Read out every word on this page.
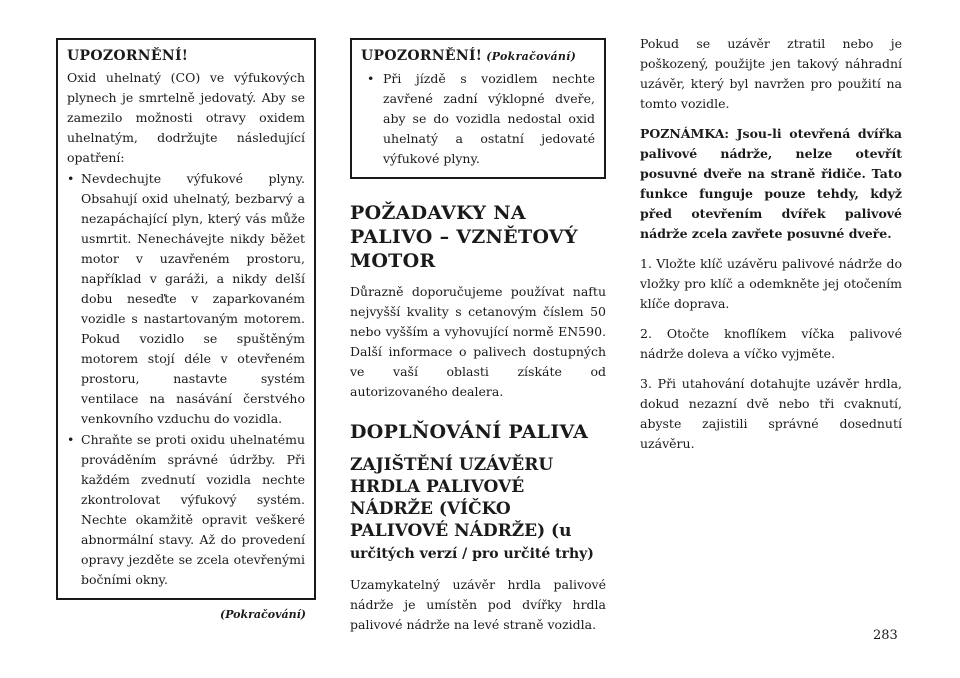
UPOZORNĚNÍ!

Oxid uhelnatý (CO) ve výfukových plynech je smrtelně jedovatý. Aby se zamezilo možnosti otravy oxidem uhelnatým, dodržujte následující opatření:

• Nevdechujte výfukové plyny. Obsahují oxid uhelnatý, bezbarvý a nezapáchající plyn, který vás může usmrtit. Nenechávejte nikdy běžet motor v uzavřeném prostoru, například v garáži, a nikdy delší dobu neseďte v zaparkovaném vozidle s nastartovaným motorem. Pokud vozidlo se spuštěným motorem stojí déle v otevřeném prostoru, nastavte systém ventilace na nasávání čerstvého venkovního vzduchu do vozidla.
• Chraňte se proti oxidu uhelnatému prováděním správné údržby. Při každém zvednutí vozidla nechte zkontrolovat výfukový systém. Nechte okamžitě opravit veškeré abnormální stavy. Až do provedení opravy jezděte se zcela otevřenými bočními okny.
(Pokračování)
UPOZORNĚNÍ! (Pokračování)
• Při jízdě s vozidlem nechte zavřené zadní výklopné dveře, aby se do vozidla nedostal oxid uhelnatý a ostatní jedovaté výfukové plyny.
POŽADAVKY NA PALIVO – VZNĚTOVÝ MOTOR

Důrazně doporučujeme používat naftu nejvyšší kvality s cetanovým číslem 50 nebo vyšším a vyhovující normě EN590. Další informace o palivech dostupných ve vaší oblasti získáte od autorizovaného dealera.

DOPLŇOVÁNÍ PALIVA
ZAJIŠTĚNÍ UZÁVĚRU HRDLA PALIVOVÉ NÁDRŽE (VÍČKO PALIVOVÉ NÁDRŽE) (u
určitých verzí / pro určité trhy)

Uzamykatelný uzávěr hrdla palivové nádrže je umístěn pod dvířky hrdla palivové nádrže na levé straně vozidla.

Pokud se uzávěr ztratil nebo je poškozený, použijte jen takový náhradní uzávěr, který byl navržen pro použití na tomto vozidle.

POZNÁMKA: Jsou-li otevřená dvířka palivové nádrže, nelze otevřít posuvné dveře na straně řidiče. Tato funkce funguje pouze tehdy, když před otevřením dvířek palivové nádrže zcela zavřete posuvné dveře.

1. Vložte klíč uzávěru palivové nádrže do vložky pro klíč a odemkněte jej otočením klíče doprava.

2. Otočte knoflíkem víčka palivové nádrže doleva a víčko vyjměte.

3. Při utahování dotahujte uzávěr hrdla, dokud nezazní dvě nebo tři cvaknutí, abyste zajistili správné dosednutí uzávěru.

283
